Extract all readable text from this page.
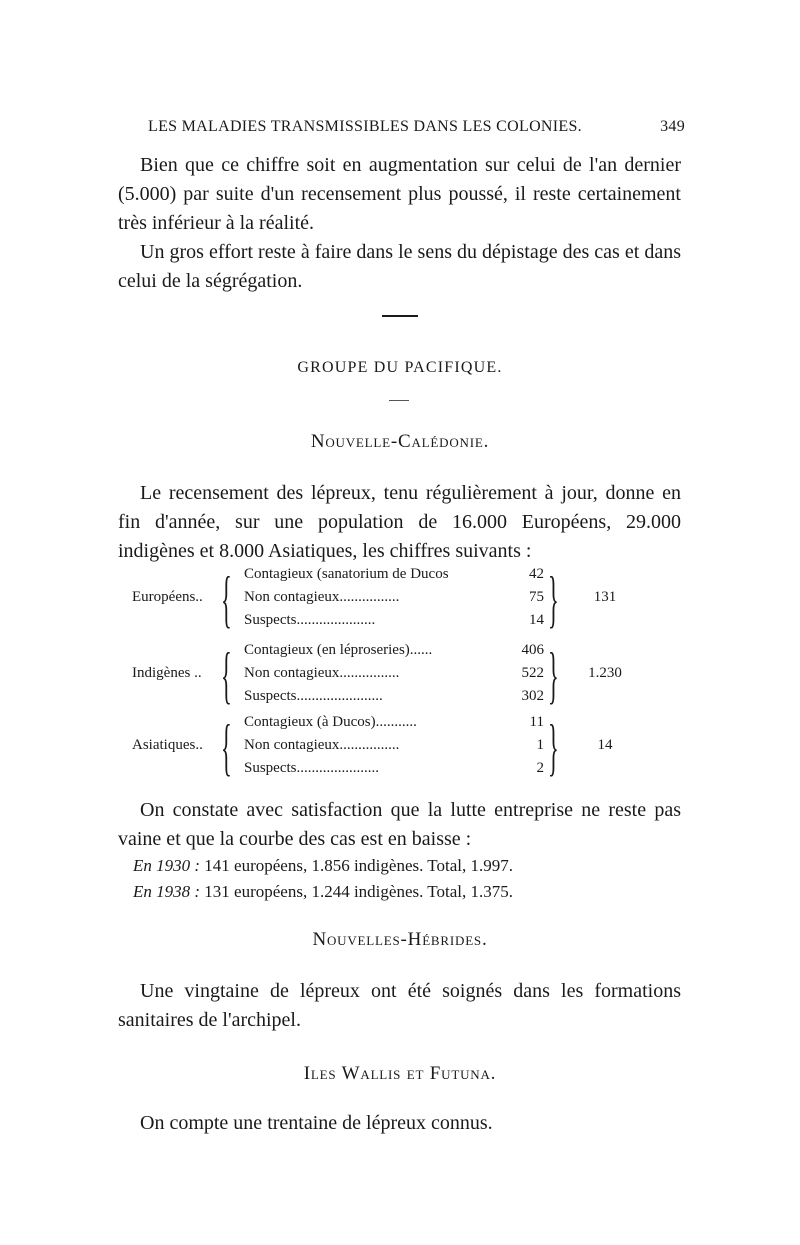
LES MALADIES TRANSMISSIBLES DANS LES COLONIES.	349
Bien que ce chiffre soit en augmentation sur celui de l'an dernier (5.000) par suite d'un recensement plus poussé, il reste certainement très inférieur à la réalité.
Un gros effort reste à faire dans le sens du dépistage des cas et dans celui de la ségrégation.
GROUPE DU PACIFIQUE.
Nouvelle-Calédonie.
Le recensement des lépreux, tenu régulièrement à jour, donne en fin d'année, sur une population de 16.000 Européens, 29.000 indigènes et 8.000 Asiatiques, les chiffres suivants :
Européens.. { Contagieux (sanatorium de Ducos	42
Non contagieux................	75
Suspects.....................	14 }	131
Indigènes .. { Contagieux (en léproseries)......	406
Non contagieux................	522
Suspects.......................	302 }	1.230
Asiatiques.. { Contagieux (à Ducos)...........	11
Non contagieux................	1
Suspects......................	2 }	14
On constate avec satisfaction que la lutte entreprise ne reste pas vaine et que la courbe des cas est en baisse :
En 1930 : 141 européens, 1.856 indigènes. Total, 1.997.
En 1938 : 131 européens, 1.244 indigènes. Total, 1.375.
Nouvelles-Hébrides.
Une vingtaine de lépreux ont été soignés dans les formations sanitaires de l'archipel.
Iles Wallis et Futuna.
On compte une trentaine de lépreux connus.
